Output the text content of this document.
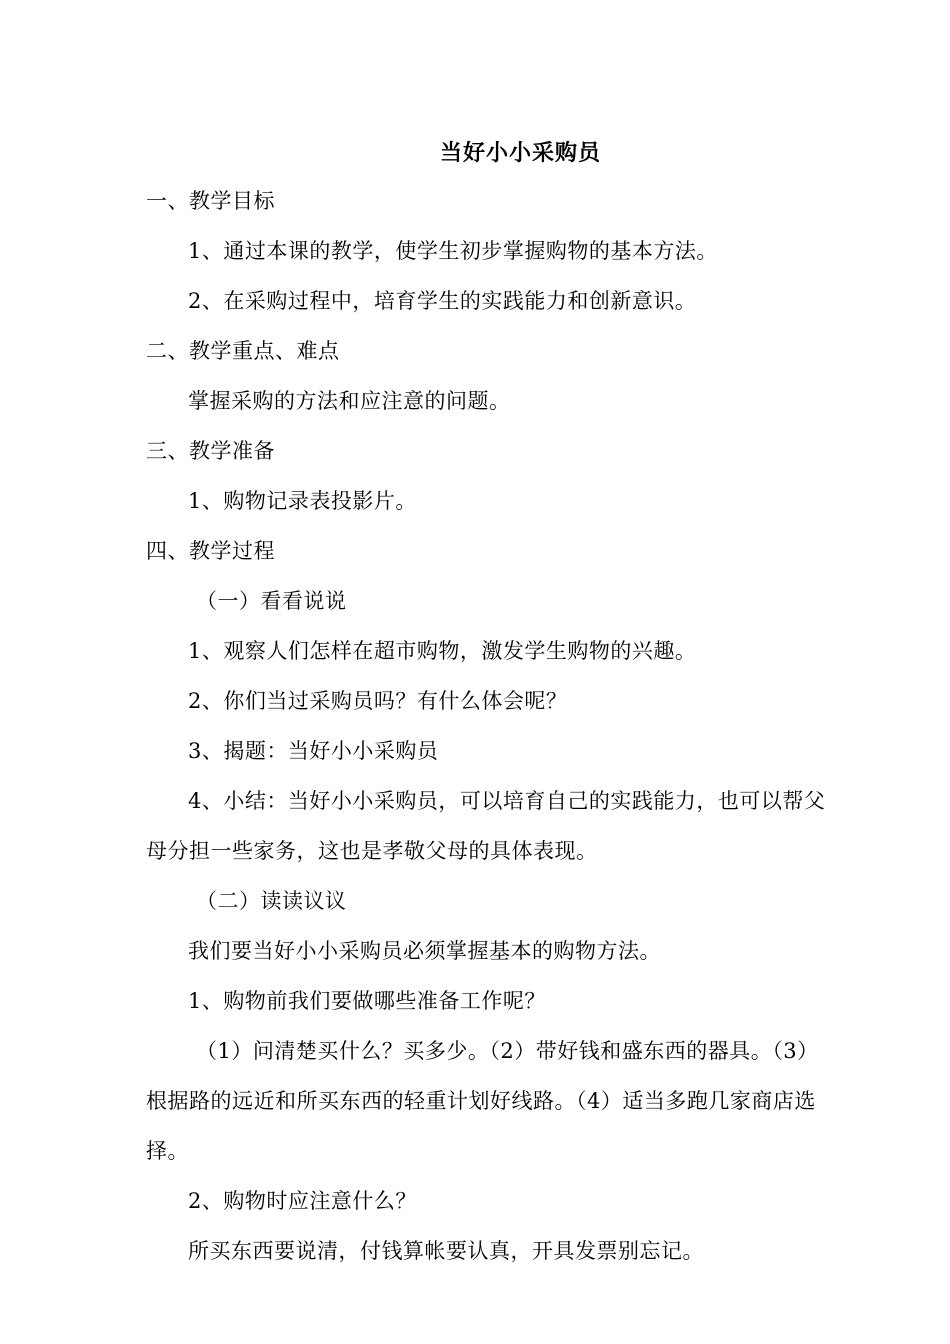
当好小小采购员
一、教学目标
1、通过本课的教学，使学生初步掌握购物的基本方法。
2、在采购过程中，培育学生的实践能力和创新意识。
二、教学重点、难点
掌握采购的方法和应注意的问题。
三、教学准备
1、购物记录表投影片。
四、教学过程
（一）看看说说
1、观察人们怎样在超市购物，激发学生购物的兴趣。
2、你们当过采购员吗？有什么体会呢？
3、揭题：当好小小采购员
4、小结：当好小小采购员，可以培育自己的实践能力，也可以帮父
母分担一些家务，这也是孝敬父母的具体表现。
（二）读读议议
我们要当好小小采购员必须掌握基本的购物方法。
1、购物前我们要做哪些准备工作呢？
（1）问清楚买什么？买多少。（2）带好钱和盛东西的器具。（3）
根据路的远近和所买东西的轻重计划好线路。（4）适当多跑几家商店选
择。
2、购物时应注意什么？
所买东西要说清，付钱算帐要认真，开具发票别忘记。
